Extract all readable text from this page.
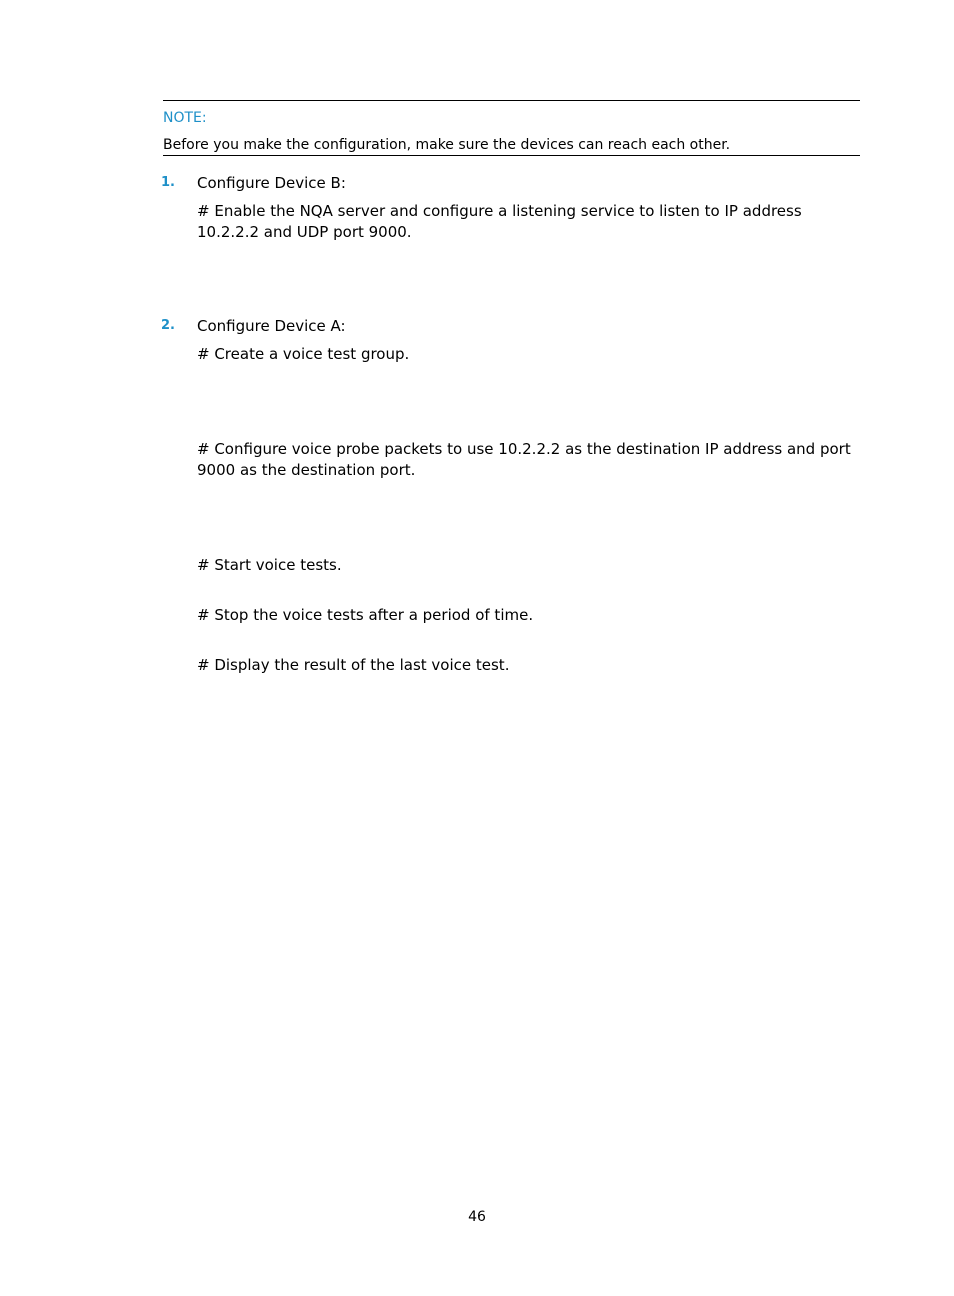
NOTE:
Before you make the configuration, make sure the devices can reach each other.
1. Configure Device B:
# Enable the NQA server and configure a listening service to listen to IP address 10.2.2.2 and UDP port 9000.
2. Configure Device A:
# Create a voice test group.
# Configure voice probe packets to use 10.2.2.2 as the destination IP address and port 9000 as the destination port.
# Start voice tests.
# Stop the voice tests after a period of time.
# Display the result of the last voice test.
46
